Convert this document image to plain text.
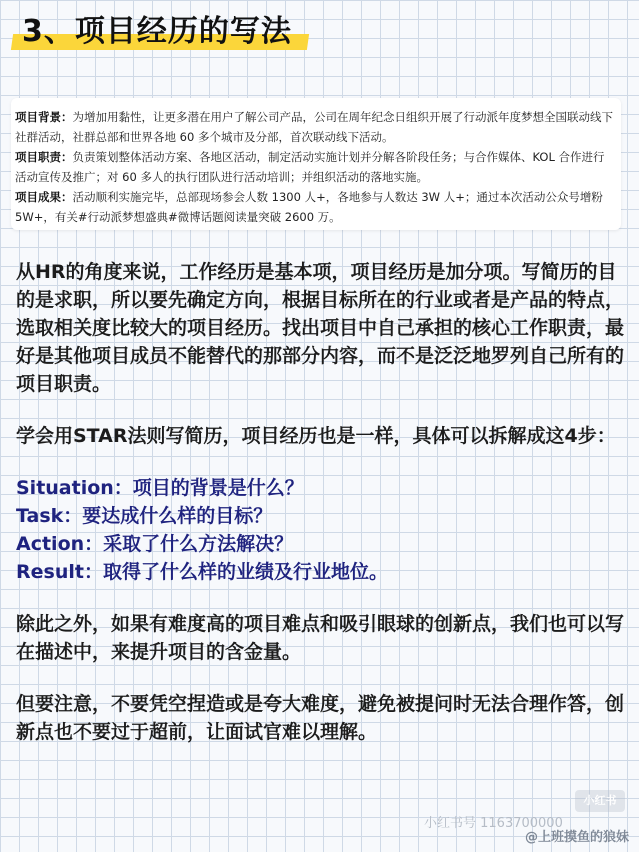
3、项目经历的写法

项目背景：为增加用黏性，让更多潜在用户了解公司产品，公司在周年纪念日组织开展了行动派年度梦想全国联动线下社群活动，社群总部和世界各地 60 多个城市及分部，首次联动线下活动。

项目职责：负责策划整体活动方案、各地区活动，制定活动实施计划并分解各阶段任务；与合作媒体、KOL 合作进行活动宣传及推广；对 60 多人的执行团队进行活动培训；并组织活动的落地实施。

项目成果：活动顺利实施完毕，总部现场参会人数 1300 人+，各地参与人数达 3W 人+；通过本次活动公众号增粉 5W+，有关#行动派梦想盛典#微博话题阅读量突破 2600 万。

从HR的角度来说，工作经历是基本项，项目经历是加分项。写简历的目的是求职，所以要先确定方向，根据目标所在的行业或者是产品的特点，选取相关度比较大的项目经历。找出项目中自己承担的核心工作职责，最好是其他项目成员不能替代的那部分内容，而不是泛泛地罗列自己所有的项目职责。

学会用STAR法则写简历，项目经历也是一样，具体可以拆解成这4步：

Situation：项目的背景是什么？
Task：要达成什么样的目标？
Action：采取了什么方法解决？
Result：取得了什么样的业绩及行业地位。

除此之外，如果有难度高的项目难点和吸引眼球的创新点，我们也可以写在描述中，来提升项目的含金量。

但要注意，不要凭空捏造或是夸大难度，避免被提问时无法合理作答，创新点也不要过于超前，让面试官难以理解。

小红书
小红书号 1163700000
@上班摸鱼的狼妹
